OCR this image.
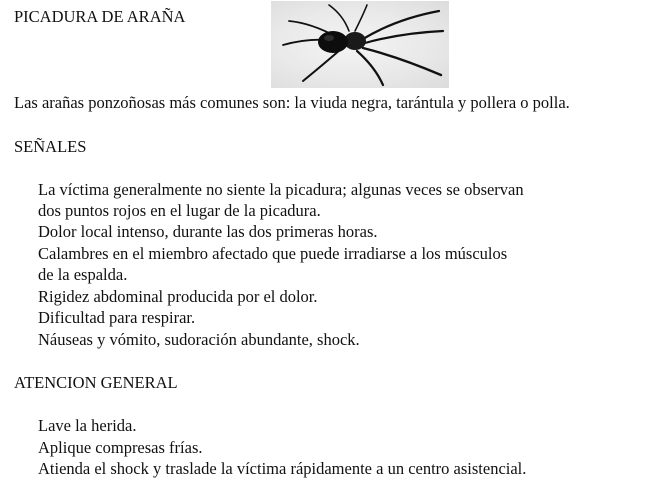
PICADURA DE ARAÑA
Las arañas ponzoñosas más comunes son: la viuda negra, tarántula y pollera o polla.
SEÑALES
La víctima generalmente no siente la picadura; algunas veces se observan
dos puntos rojos en el lugar de la picadura.
Dolor local intenso, durante las dos primeras horas.
Calambres en el miembro afectado que puede irradiarse a los músculos
de la espalda.
Rigidez abdominal producida por el dolor.
Dificultad para respirar.
Náuseas y vómito, sudoración abundante, shock.
ATENCION GENERAL
Lave la herida.
Aplique compresas frías.
Atienda el shock y traslade la víctima rápidamente a un centro asistencial.
